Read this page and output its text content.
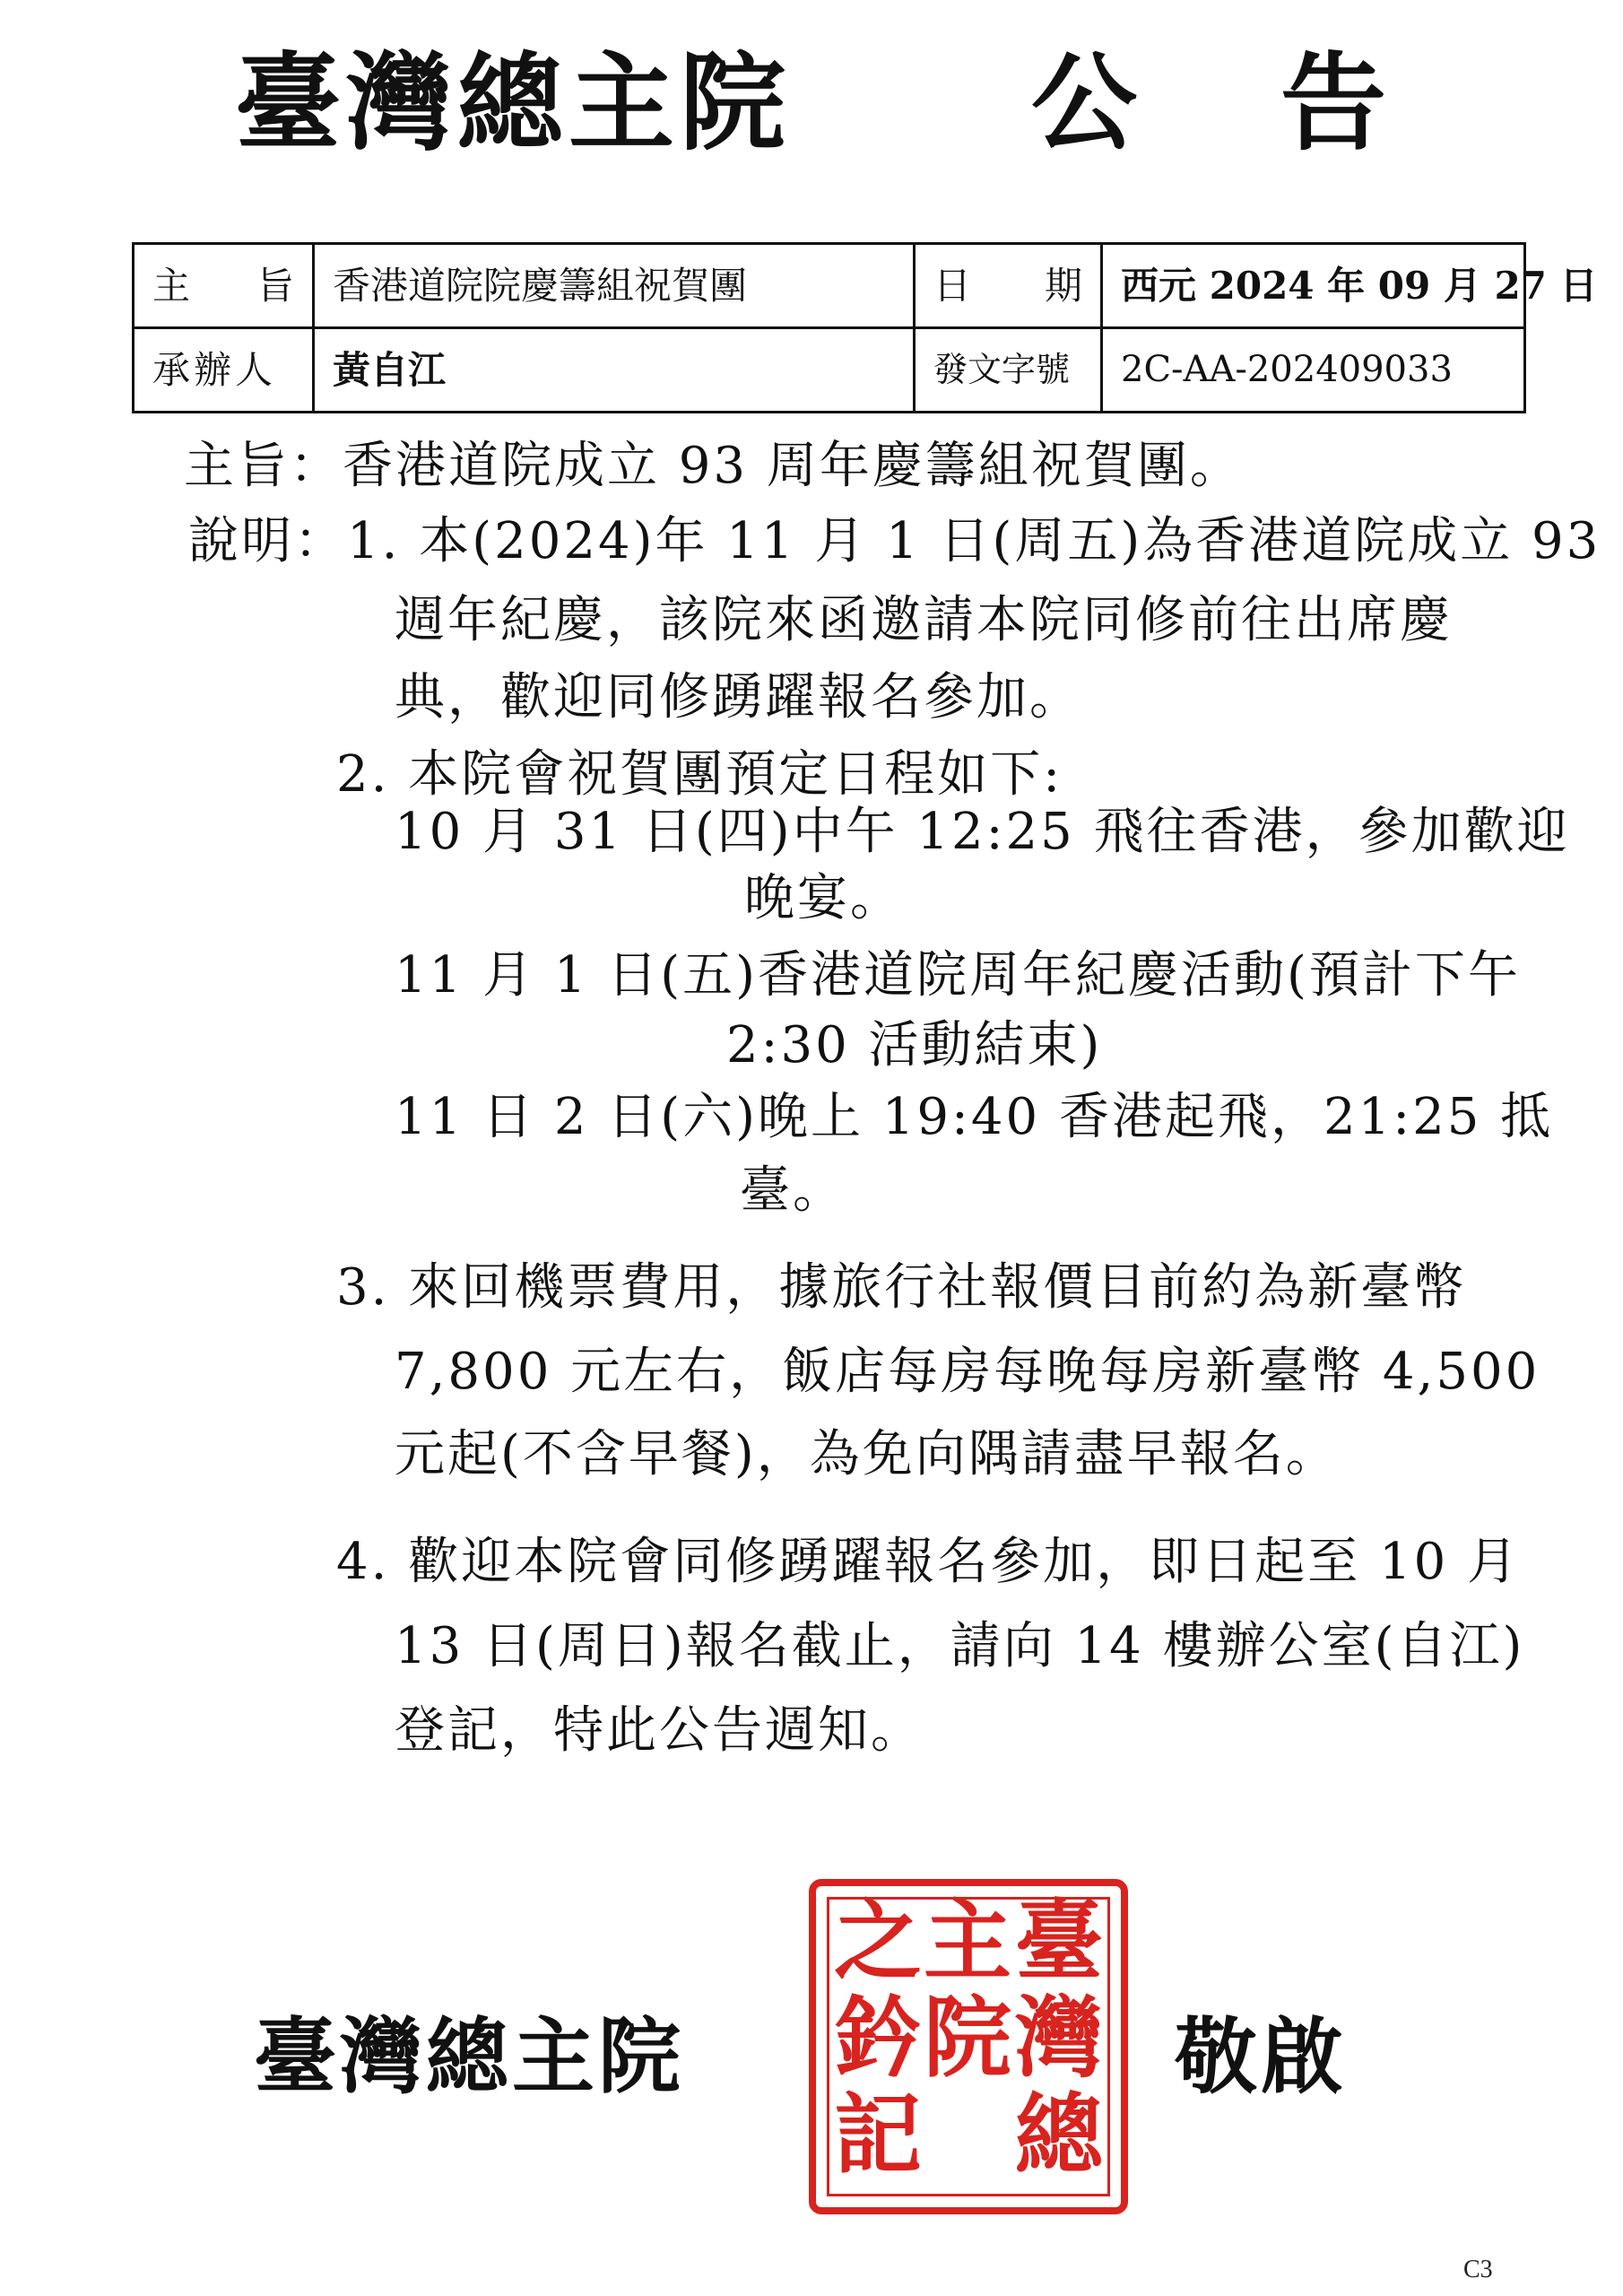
臺灣總主院 公告
主 旨	香港道院院慶籌組祝賀團	日 期	西元 2024 年 09 月 27 日
承辦人	黃自江	發文字號	2C-AA-202409033
主旨：香港道院成立 93 周年慶籌組祝賀團。
說明：1. 本(2024)年 11 月 1 日(周五)為香港道院成立 93
週年紀慶，該院來函邀請本院同修前往出席慶
典，歡迎同修踴躍報名參加。
2. 本院會祝賀團預定日程如下:
10 月 31 日(四)中午 12:25 飛往香港，參加歡迎
晚宴。
11 月 1 日(五)香港道院周年紀慶活動(預計下午
2:30 活動結束)
11 日 2 日(六)晚上 19:40 香港起飛，21:25 抵
臺。
3. 來回機票費用，據旅行社報價目前約為新臺幣
7,800 元左右，飯店每房每晚每房新臺幣 4,500
元起(不含早餐)，為免向隅請盡早報名。
4. 歡迎本院會同修踴躍報名參加，即日起至 10 月
13 日(周日)報名截止，請向 14 樓辦公室(自江)
登記，特此公告週知。
臺灣總主院
臺灣總
主院
之鈐記
敬啟
C3
